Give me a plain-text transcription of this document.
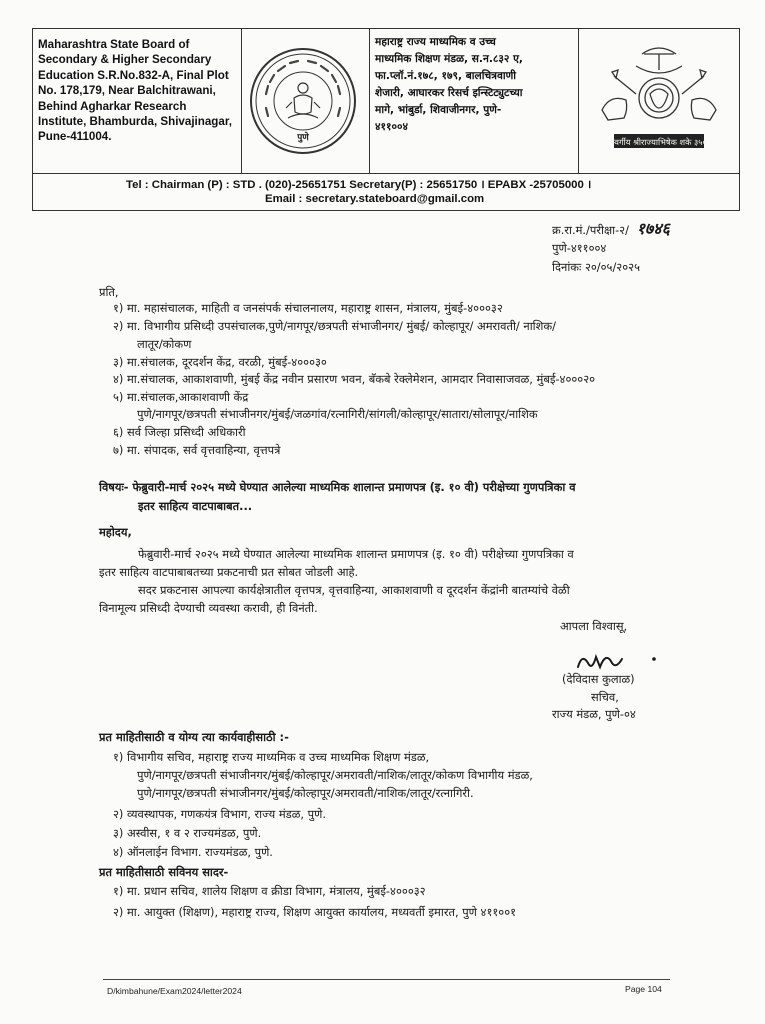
Maharashtra State Board of
Secondary & Higher Secondary
Education S.R.No.832-A, Final Plot
No. 178,179, Near Balchitrawani,
Behind Agharkar Research
Institute, Bhamburda, Shivajinagar,
Pune-411004.	पुणे
महाराष्ट्र राज्य माध्यमिक व उच्च
माध्यमिक शिक्षण मंडळ, स.न.८३२ ए,
फा.प्लॉ.नं.१७८, १७९, बालचित्रवाणी
शेजारी, आघारकर रिसर्च इन्स्टिट्युटच्या
मागे, भांबुर्डा, शिवाजीनगर, पुणे-
४११००४
स्वर्गीय श्रीराज्याभिषेक शके ३५०
Tel : Chairman (P) : STD . (020)-25651751 Secretary(P) : 25651750 । EPABX -25705000 ।
Email : secretary.stateboard@gmail.com
क्र.रा.मं./परीक्षा-२/ १७४६
पुणे-४११००४
दिनांकः २०/०५/२०२५
प्रति,
१) मा. महासंचालक, माहिती व जनसंपर्क संचालनालय, महाराष्ट्र शासन, मंत्रालय, मुंबई-४०००३२
२) मा. विभागीय प्रसिध्दी उपसंचालक,पुणे/नागपूर/छत्रपती संभाजीनगर/ मुंबई/ कोल्हापूर/ अमरावती/ नाशिक/
लातूर/कोकण
३) मा.संचालक, दूरदर्शन केंद्र, वरळी, मुंबई-४०००३०
४) मा.संचालक, आकाशवाणी, मुंबई केंद्र नवीन प्रसारण भवन, बॅकबे रेक्लेमेशन, आमदार निवासाजवळ, मुंबई-४०००२०
५) मा.संचालक,आकाशवाणी केंद्र
पुणे/नागपूर/छत्रपती संभाजीनगर/मुंबई/जळगांव/रत्नागिरी/सांगली/कोल्हापूर/सातारा/सोलापूर/नाशिक
६) सर्व जिल्हा प्रसिध्दी अधिकारी
७) मा. संपादक, सर्व वृत्तवाहिन्या, वृत्तपत्रे
विषयः- फेब्रुवारी-मार्च २०२५ मध्ये घेण्यात आलेल्या माध्यमिक शालान्त प्रमाणपत्र (इ. १० वी) परीक्षेच्या गुणपत्रिका व
इतर साहित्य वाटपाबाबत...
महोदय,
फेब्रुवारी-मार्च २०२५ मध्ये घेण्यात आलेल्या माध्यमिक शालान्त प्रमाणपत्र (इ. १० वी) परीक्षेच्या गुणपत्रिका व
इतर साहित्य वाटपाबाबतच्या प्रकटनाची प्रत सोबत जोडली आहे.
सदर प्रकटनास आपल्या कार्यक्षेत्रातील वृत्तपत्र, वृत्तवाहिन्या, आकाशवाणी व दूरदर्शन केंद्रांनी बातम्यांचे वेळी
विनामूल्य प्रसिध्दी देण्याची व्यवस्था करावी, ही विनंती.
आपला विश्वासू,
(देविदास कुलाळ)
सचिव,
राज्य मंडळ, पुणे-०४
प्रत माहितीसाठी व योग्य त्या कार्यवाहीसाठी :-
१) विभागीय सचिव, महाराष्ट्र राज्य माध्यमिक व उच्च माध्यमिक शिक्षण मंडळ,
पुणे/नागपूर/छत्रपती संभाजीनगर/मुंबई/कोल्हापूर/अमरावती/नाशिक/लातूर/कोकण विभागीय मंडळ,
पुणे/नागपूर/छत्रपती संभाजीनगर/मुंबई/कोल्हापूर/अमरावती/नाशिक/लातूर/रत्नागिरी.
२) व्यवस्थापक, गणकयंत्र विभाग, राज्य मंडळ, पुणे.
३) अस्वीस, १ व २ राज्यमंडळ, पुणे.
४) ऑनलाईन विभाग. राज्यमंडळ, पुणे.
प्रत माहितीसाठी सविनय सादर-
१) मा. प्रधान सचिव, शालेय शिक्षण व क्रीडा विभाग, मंत्रालय, मुंबई-४०००३२
२) मा. आयुक्त (शिक्षण), महाराष्ट्र राज्य, शिक्षण आयुक्त कार्यालय, मध्यवर्ती इमारत, पुणे ४११००१
D/kimbahune/Exam2024/letter2024	Page 104
